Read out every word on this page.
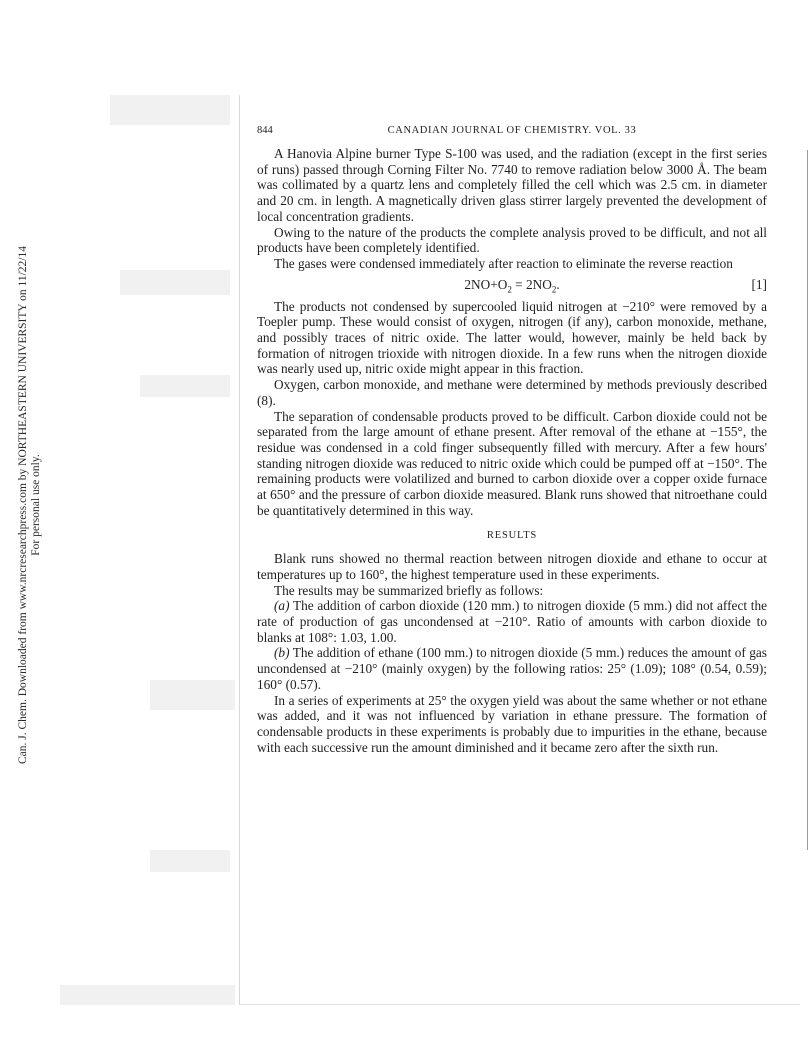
Can. J. Chem. Downloaded from www.nrcresearchpress.com by NORTHEASTERN UNIVERSITY on 11/22/14 For personal use only.
844	CANADIAN JOURNAL OF CHEMISTRY. VOL. 33

A Hanovia Alpine burner Type S-100 was used, and the radiation (except in the first series of runs) passed through Corning Filter No. 7740 to remove radiation below 3000 Å. The beam was collimated by a quartz lens and completely filled the cell which was 2.5 cm. in diameter and 20 cm. in length. A magnetically driven glass stirrer largely prevented the development of local concentration gradients.

Owing to the nature of the products the complete analysis proved to be difficult, and not all products have been completely identified.

The gases were condensed immediately after reaction to eliminate the reverse reaction

$2NO+O_2 = 2NO_2$.	[1]

The products not condensed by supercooled liquid nitrogen at −210° were removed by a Toepler pump. These would consist of oxygen, nitrogen (if any), carbon monoxide, methane, and possibly traces of nitric oxide. The latter would, however, mainly be held back by formation of nitrogen trioxide with nitrogen dioxide. In a few runs when the nitrogen dioxide was nearly used up, nitric oxide might appear in this fraction.

Oxygen, carbon monoxide, and methane were determined by methods previously described (8).

The separation of condensable products proved to be difficult. Carbon dioxide could not be separated from the large amount of ethane present. After removal of the ethane at −155°, the residue was condensed in a cold finger subsequently filled with mercury. After a few hours' standing nitrogen dioxide was reduced to nitric oxide which could be pumped off at −150°. The remaining products were volatilized and burned to carbon dioxide over a copper oxide furnace at 650° and the pressure of carbon dioxide measured. Blank runs showed that nitroethane could be quantitatively determined in this way.

RESULTS

Blank runs showed no thermal reaction between nitrogen dioxide and ethane to occur at temperatures up to 160°, the highest temperature used in these experiments.

The results may be summarized briefly as follows:

(a) The addition of carbon dioxide (120 mm.) to nitrogen dioxide (5 mm.) did not affect the rate of production of gas uncondensed at −210°. Ratio of amounts with carbon dioxide to blanks at 108°: 1.03, 1.00.

(b) The addition of ethane (100 mm.) to nitrogen dioxide (5 mm.) reduces the amount of gas uncondensed at −210° (mainly oxygen) by the following ratios: 25° (1.09); 108° (0.54, 0.59); 160° (0.57).

In a series of experiments at 25° the oxygen yield was about the same whether or not ethane was added, and it was not influenced by variation in ethane pressure. The formation of condensable products in these experiments is probably due to impurities in the ethane, because with each successive run the amount diminished and it became zero after the sixth run.
